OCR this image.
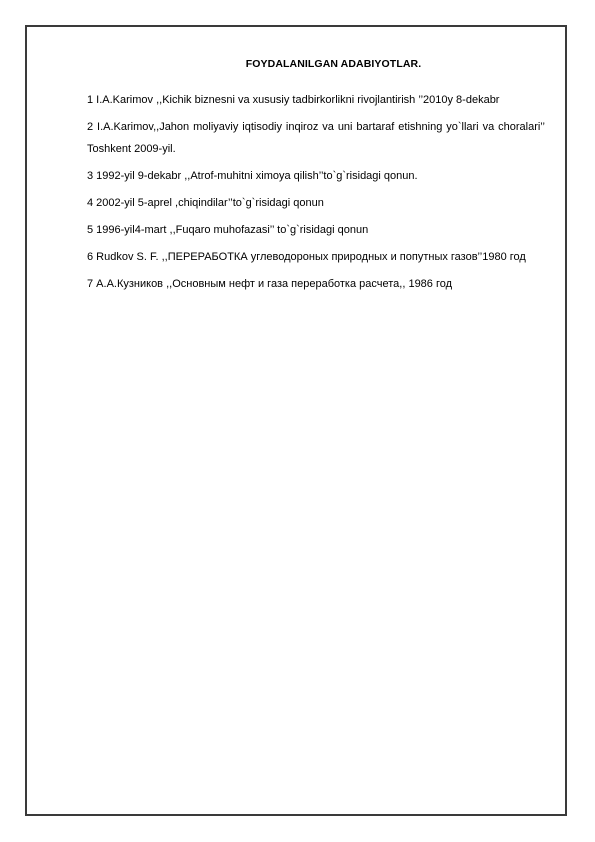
FOYDALANILGAN ADABIYOTLAR.
1 I.A.Karimov ,,Kichik biznesni va xususiy tadbirkorlikni rivojlantirish ’’2010y 8-dekabr
2 I.A.Karimov,,Jahon moliyaviy iqtisodiy inqiroz va uni bartaraf etishning yo`llari va choralari’’ Toshkent 2009-yil.
3 1992-yil 9-dekabr ,,Atrof-muhitni ximoya qilish’’to`g`risidagi qonun.
4 2002-yil 5-aprel ,chiqindilar’’to`g`risidagi qonun
5 1996-yil4-mart ,,Fuqaro muhofazasi’’ to`g`risidagi qonun
6 Rudkov S. F. ,,ПЕРЕРАБОТКА углеводороных природных и попутных газов’’1980 год
7 А.А.Кузников ,,Основным нефт и газа переработка расчета,, 1986 год
